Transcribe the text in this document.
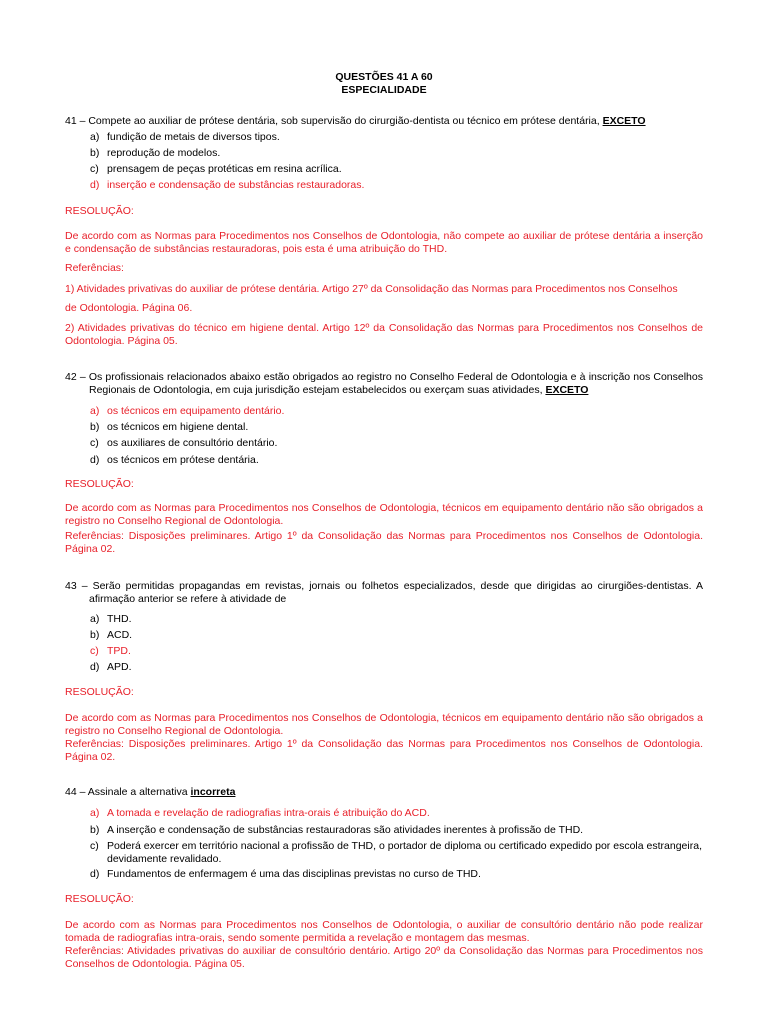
QUESTÕES 41 A 60
ESPECIALIDADE
41 – Compete ao auxiliar de prótese dentária, sob supervisão do cirurgião-dentista ou técnico em prótese dentária, EXCETO
a) fundição de metais de diversos tipos.
b) reprodução de modelos.
c) prensagem de peças protéticas em resina acrílica.
d) inserção e condensação de substâncias restauradoras.
RESOLUÇÃO:
De acordo com as Normas para Procedimentos nos Conselhos de Odontologia, não compete ao auxiliar de prótese dentária a inserção e condensação de substâncias restauradoras, pois esta é uma atribuição do THD.
Referências:
1) Atividades privativas do auxiliar de prótese dentária. Artigo 27º da Consolidação das Normas para Procedimentos nos Conselhos
de Odontologia. Página 06.
2) Atividades privativas do técnico em higiene dental. Artigo 12º da Consolidação das Normas para Procedimentos nos Conselhos de Odontologia. Página 05.
42 – Os profissionais relacionados abaixo estão obrigados ao registro no Conselho Federal de Odontologia e à inscrição nos Conselhos Regionais de Odontologia, em cuja jurisdição estejam estabelecidos ou exerçam suas atividades, EXCETO
a) os técnicos em equipamento dentário.
b) os técnicos em higiene dental.
c) os auxiliares de consultório dentário.
d) os técnicos em prótese dentária.
RESOLUÇÃO:
De acordo com as Normas para Procedimentos nos Conselhos de Odontologia, técnicos em equipamento dentário não são obrigados a registro no Conselho Regional de Odontologia.
Referências: Disposições preliminares. Artigo 1º da Consolidação das Normas para Procedimentos nos Conselhos de Odontologia. Página 02.
43 – Serão permitidas propagandas em revistas, jornais ou folhetos especializados, desde que dirigidas ao cirurgiões-dentistas. A afirmação anterior se refere à atividade de
a) THD.
b) ACD.
c) TPD.
d) APD.
RESOLUÇÃO:
De acordo com as Normas para Procedimentos nos Conselhos de Odontologia, técnicos em equipamento dentário não são obrigados a registro no Conselho Regional de Odontologia.
Referências: Disposições preliminares. Artigo 1º da Consolidação das Normas para Procedimentos nos Conselhos de Odontologia. Página 02.
44 – Assinale a alternativa incorreta
a) A tomada e revelação de radiografias intra-orais é atribuição do ACD.
b) A inserção e condensação de substâncias restauradoras são atividades inerentes à profissão de THD.
c) Poderá exercer em território nacional a profissão de THD, o portador de diploma ou certificado expedido por escola estrangeira, devidamente revalidado.
d) Fundamentos de enfermagem é uma das disciplinas previstas no curso de THD.
RESOLUÇÃO:
De acordo com as Normas para Procedimentos nos Conselhos de Odontologia, o auxiliar de consultório dentário não pode realizar tomada de radiografias intra-orais, sendo somente permitida a revelação e montagem das mesmas.
Referências: Atividades privativas do auxiliar de consultório dentário. Artigo 20º da Consolidação das Normas para Procedimentos nos Conselhos de Odontologia. Página 05.
